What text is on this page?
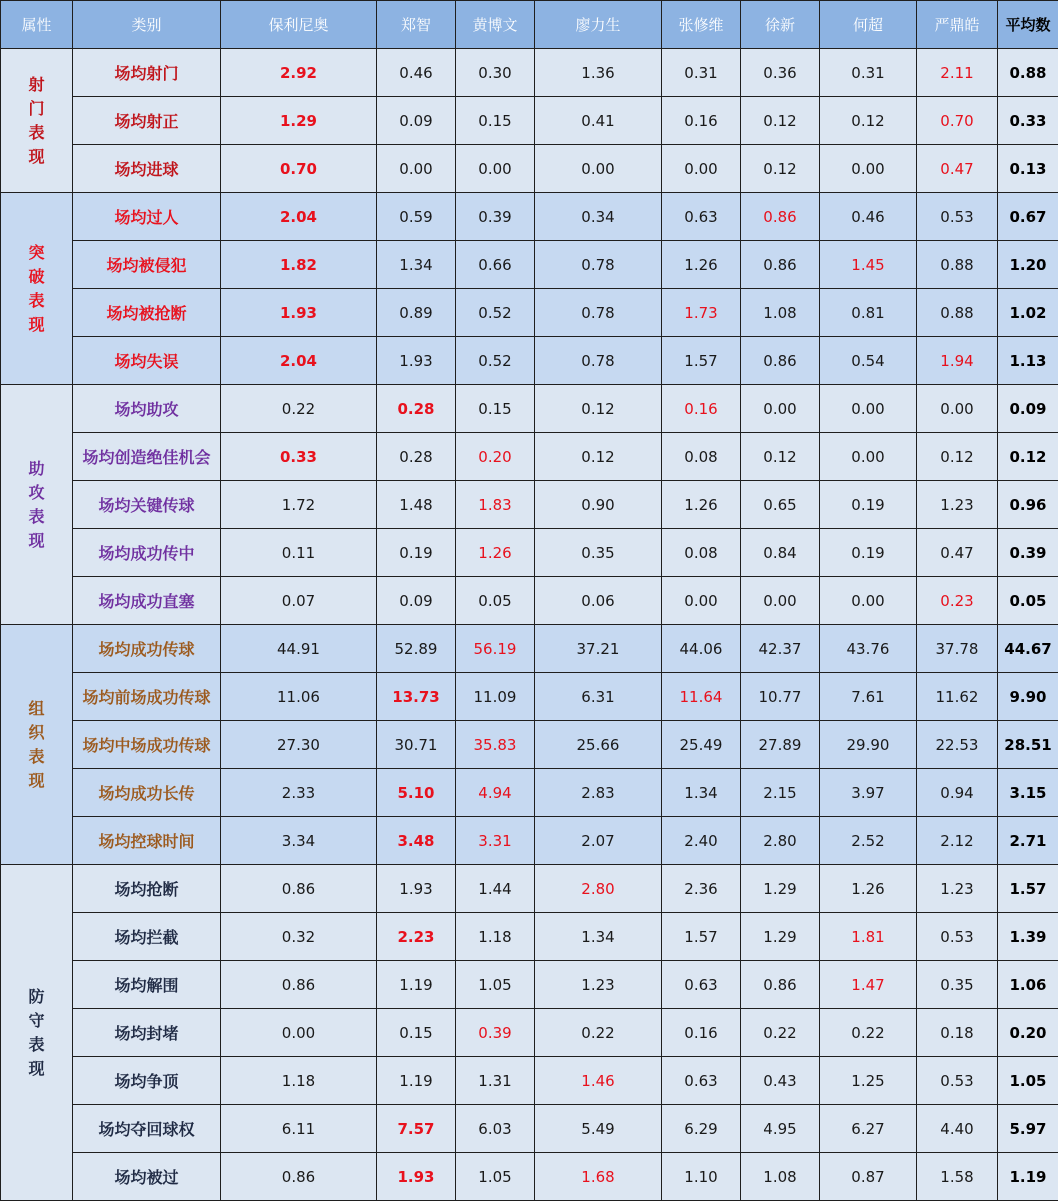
属性	类别	保利尼奥	郑智	黄博文	廖力生	张修维	徐新	何超	严鼎皓	平均数

射
门
表
现	场均射门	2.92	0.46	0.30	1.36	0.31	0.36	0.31	2.11	0.88
	场均射正	1.29	0.09	0.15	0.41	0.16	0.12	0.12	0.70	0.33
	场均进球	0.70	0.00	0.00	0.00	0.00	0.12	0.00	0.47	0.13

突
破
表
现	场均过人	2.04	0.59	0.39	0.34	0.63	0.86	0.46	0.53	0.67
	场均被侵犯	1.82	1.34	0.66	0.78	1.26	0.86	1.45	0.88	1.20
	场均被抢断	1.93	0.89	0.52	0.78	1.73	1.08	0.81	0.88	1.02
	场均失误	2.04	1.93	0.52	0.78	1.57	0.86	0.54	1.94	1.13

助
攻
表
现	场均助攻	0.22	0.28	0.15	0.12	0.16	0.00	0.00	0.00	0.09
	场均创造绝佳机会	0.33	0.28	0.20	0.12	0.08	0.12	0.00	0.12	0.12
	场均关键传球	1.72	1.48	1.83	0.90	1.26	0.65	0.19	1.23	0.96
	场均成功传中	0.11	0.19	1.26	0.35	0.08	0.84	0.19	0.47	0.39
	场均成功直塞	0.07	0.09	0.05	0.06	0.00	0.00	0.00	0.23	0.05

组
织
表
现	场均成功传球	44.91	52.89	56.19	37.21	44.06	42.37	43.76	37.78	44.67
	场均前场成功传球	11.06	13.73	11.09	6.31	11.64	10.77	7.61	11.62	9.90
	场均中场成功传球	27.30	30.71	35.83	25.66	25.49	27.89	29.90	22.53	28.51
	场均成功长传	2.33	5.10	4.94	2.83	1.34	2.15	3.97	0.94	3.15
	场均控球时间	3.34	3.48	3.31	2.07	2.40	2.80	2.52	2.12	2.71

防
守
表
现	场均抢断	0.86	1.93	1.44	2.80	2.36	1.29	1.26	1.23	1.57
	场均拦截	0.32	2.23	1.18	1.34	1.57	1.29	1.81	0.53	1.39
	场均解围	0.86	1.19	1.05	1.23	0.63	0.86	1.47	0.35	1.06
	场均封堵	0.00	0.15	0.39	0.22	0.16	0.22	0.22	0.18	0.20
	场均争顶	1.18	1.19	1.31	1.46	0.63	0.43	1.25	0.53	1.05
	场均夺回球权	6.11	7.57	6.03	5.49	6.29	4.95	6.27	4.40	5.97
	场均被过	0.86	1.93	1.05	1.68	1.10	1.08	0.87	1.58	1.19
